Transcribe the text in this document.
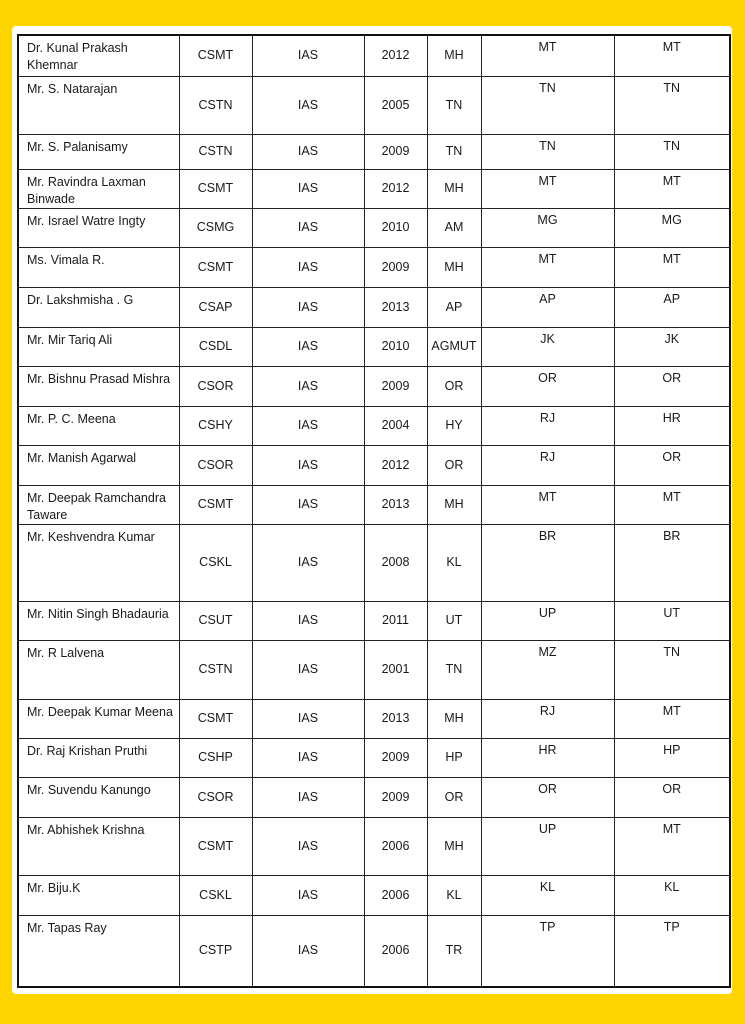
Dr. Kunal Prakash Khemnar	CSMT	IAS	2012	MH	MT	MT
Mr. S. Natarajan	CSTN	IAS	2005	TN	TN	TN
Mr. S. Palanisamy	CSTN	IAS	2009	TN	TN	TN
Mr. Ravindra Laxman Binwade	CSMT	IAS	2012	MH	MT	MT
Mr. Israel Watre Ingty	CSMG	IAS	2010	AM	MG	MG
Ms. Vimala R.	CSMT	IAS	2009	MH	MT	MT
Dr. Lakshmisha . G	CSAP	IAS	2013	AP	AP	AP
Mr. Mir Tariq Ali	CSDL	IAS	2010	AGMUT	JK	JK
Mr. Bishnu Prasad Mishra	CSOR	IAS	2009	OR	OR	OR
Mr. P. C. Meena	CSHY	IAS	2004	HY	RJ	HR
Mr. Manish Agarwal	CSOR	IAS	2012	OR	RJ	OR
Mr. Deepak Ramchandra Taware	CSMT	IAS	2013	MH	MT	MT
Mr. Keshvendra Kumar	CSKL	IAS	2008	KL	BR	BR
Mr. Nitin Singh Bhadauria	CSUT	IAS	2011	UT	UP	UT
Mr. R Lalvena	CSTN	IAS	2001	TN	MZ	TN
Mr. Deepak Kumar Meena	CSMT	IAS	2013	MH	RJ	MT
Dr. Raj Krishan Pruthi	CSHP	IAS	2009	HP	HR	HP
Mr. Suvendu Kanungo	CSOR	IAS	2009	OR	OR	OR
Mr. Abhishek Krishna	CSMT	IAS	2006	MH	UP	MT
Mr. Biju.K	CSKL	IAS	2006	KL	KL	KL
Mr. Tapas Ray	CSTP	IAS	2006	TR	TP	TP
